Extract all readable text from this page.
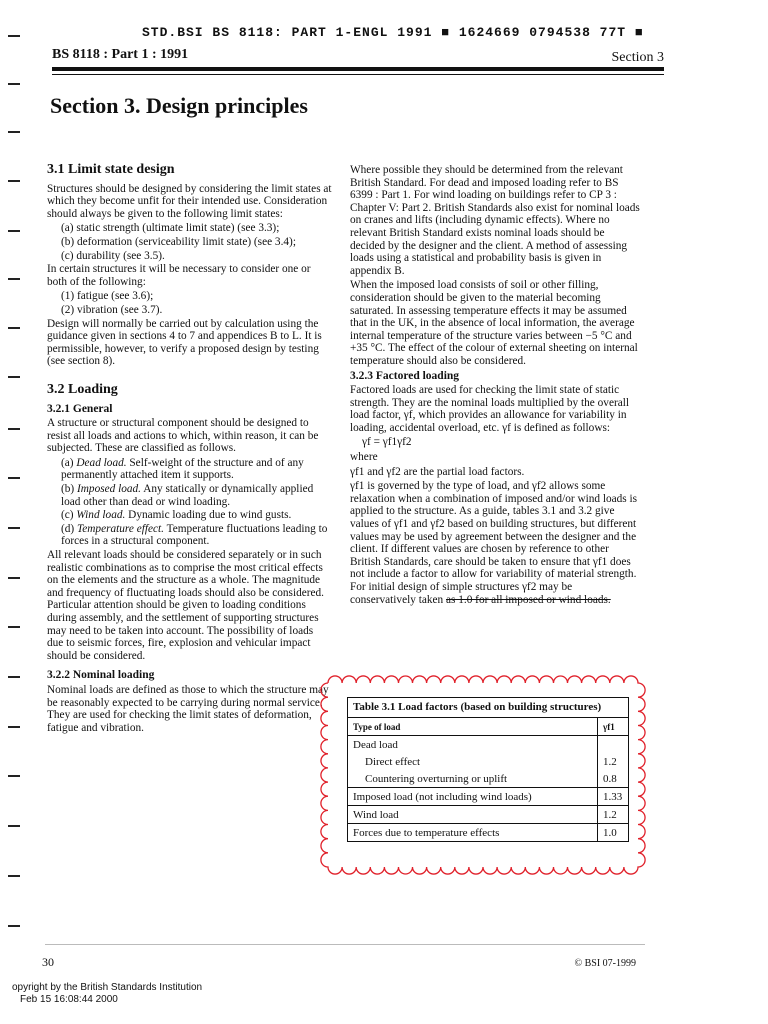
STD.BSI BS 8118: PART 1-ENGL 1991 ■ 1624669 0794538 77T ■
BS 8118 : Part 1 : 1991	Section 3
Section 3. Design principles
3.1 Limit state design

Structures should be designed by considering the limit states at which they become unfit for their intended use. Consideration should always be given to the following limit states:

(a) static strength (ultimate limit state) (see 3.3);

(b) deformation (serviceability limit state) (see 3.4);

(c) durability (see 3.5).

In certain structures it will be necessary to consider one or both of the following:

(1) fatigue (see 3.6);

(2) vibration (see 3.7).

Design will normally be carried out by calculation using the guidance given in sections 4 to 7 and appendices B to L. It is permissible, however, to verify a proposed design by testing (see section 8).

3.2 Loading
3.2.1 General

A structure or structural component should be designed to resist all loads and actions to which, within reason, it can be subjected. These are classified as follows.

(a) Dead load. Self-weight of the structure and of any permanently attached item it supports.

(b) Imposed load. Any statically or dynamically applied load other than dead or wind loading.

(c) Wind load. Dynamic loading due to wind gusts.

(d) Temperature effect. Temperature fluctuations leading to forces in a structural component.

All relevant loads should be considered separately or in such realistic combinations as to comprise the most critical effects on the elements and the structure as a whole. The magnitude and frequency of fluctuating loads should also be considered. Particular attention should be given to loading conditions during assembly, and the settlement of supporting structures may need to be taken into account. The possibility of loads due to seismic forces, fire, explosion and vehicular impact should be considered.

3.2.2 Nominal loading

Nominal loads are defined as those to which the structure may be reasonably expected to be carrying during normal service. They are used for checking the limit states of deformation, fatigue and vibration.

Where possible they should be determined from the relevant British Standard. For dead and imposed loading refer to BS 6399 : Part 1. For wind loading on buildings refer to CP 3 : Chapter V: Part 2. British Standards also exist for nominal loads on cranes and lifts (including dynamic effects). Where no relevant British Standard exists nominal loads should be decided by the designer and the client. A method of assessing loads using a statistical and probability basis is given in appendix B.

When the imposed load consists of soil or other filling, consideration should be given to the material becoming saturated. In assessing temperature effects it may be assumed that in the UK, in the absence of local information, the average internal temperature of the structure varies between −5 °C and +35 °C. The effect of the colour of external sheeting on internal temperature should also be considered.

3.2.3 Factored loading

Factored loads are used for checking the limit state of static strength. They are the nominal loads multiplied by the overall load factor, γf, which provides an allowance for variability in loading, accidental overload, etc. γf is defined as follows:

γf = γf1γf2

where

γf1 and γf2 are the partial load factors.

γf1 is governed by the type of load, and γf2 allows some relaxation when a combination of imposed and/or wind loads is applied to the structure. As a guide, tables 3.1 and 3.2 give values of γf1 and γf2 based on building structures, but different values may be used by agreement between the designer and the client. If different values are chosen by reference to other British Standards, care should be taken to ensure that γf1 does not include a factor to allow for variability of material strength. For initial design of simple structures γf2 may be conservatively taken as 1.0 for all imposed or wind loads.

Table 3.1 Load factors (based on building structures)
Type of load	γf1
Dead load	
Direct effect	1.2
Countering overturning or uplift	0.8
Imposed load (not including wind loads)	1.33
Wind load	1.2
Forces due to temperature effects	1.0
30	© BSI 07-1999
opyright by the British Standards Institution
Feb 15 16:08:44 2000
